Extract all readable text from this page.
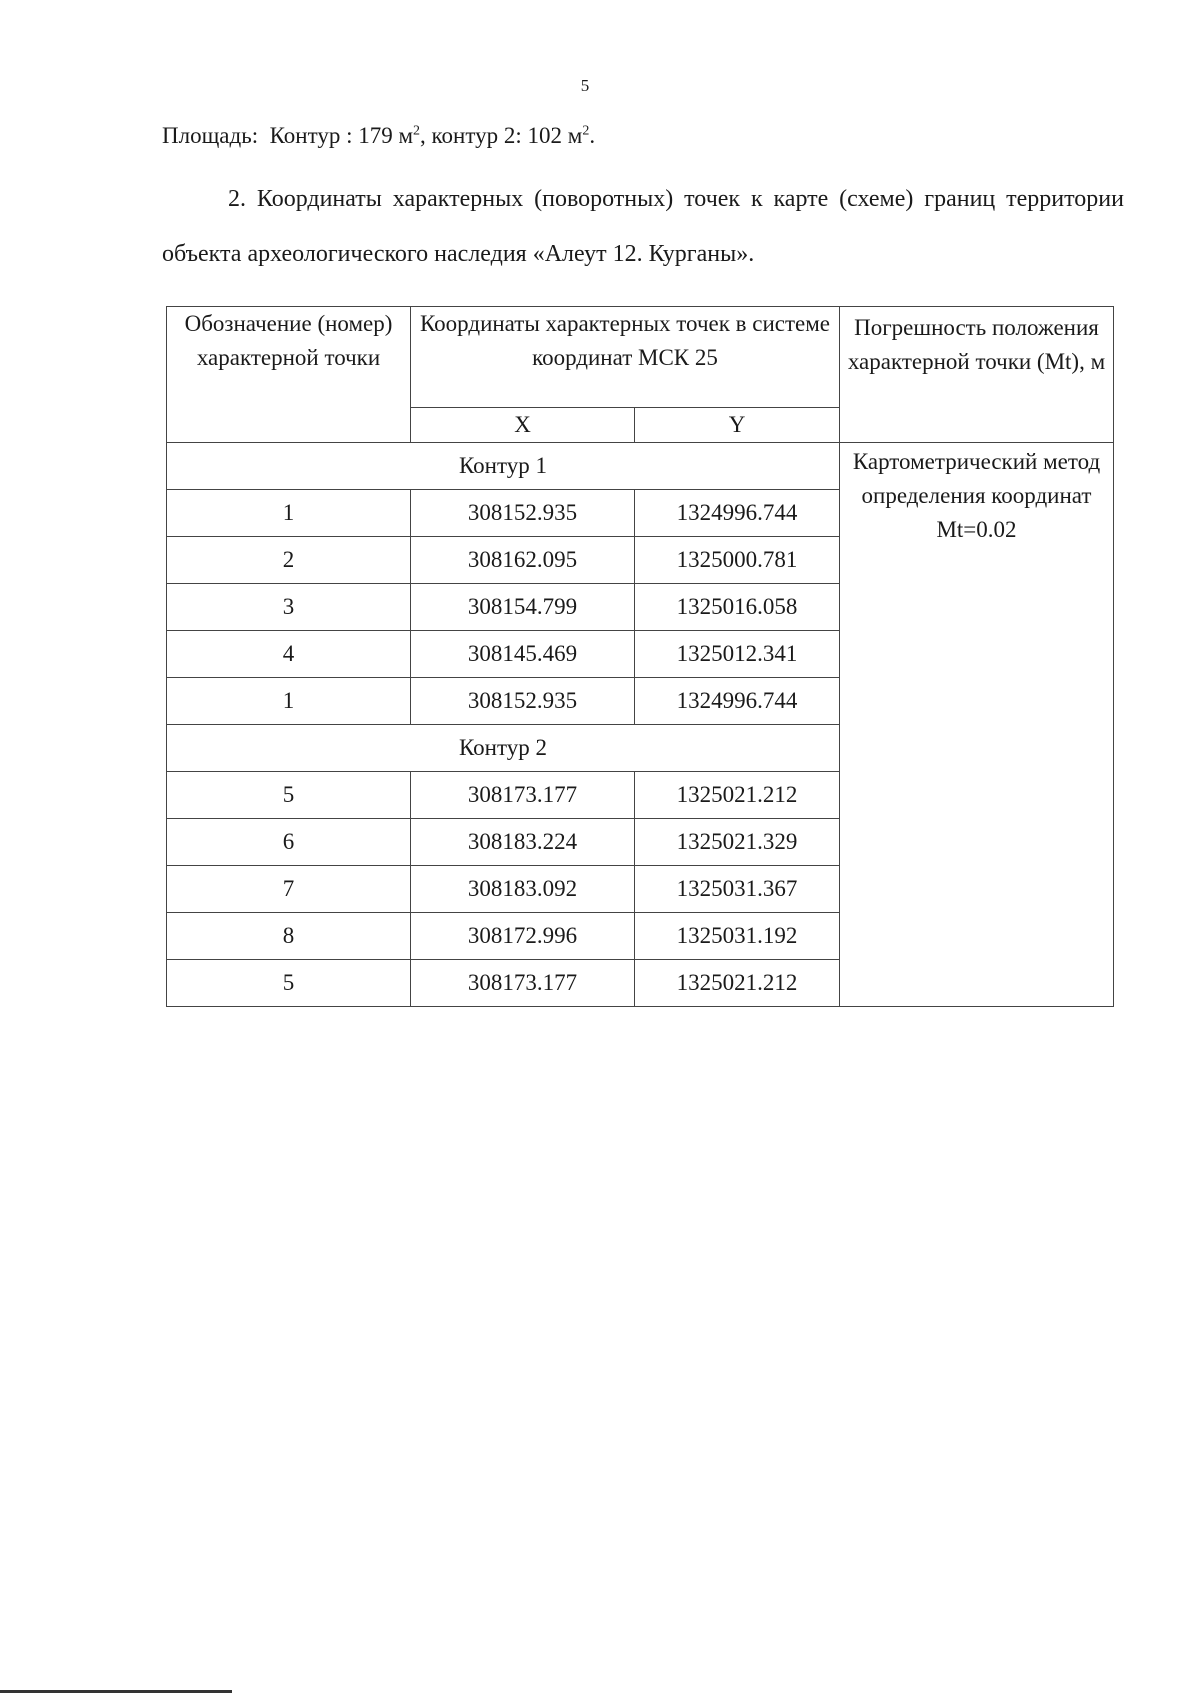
5
Площадь: Контур : 179 $м^2$, контур 2: 102 $м^2$.
2. Координаты характерных (поворотных) точек к карте (схеме) границ территории объекта археологического наследия «Алеут 12. Курганы».
Обозначение (номер) характерной точки	Координаты характерных точек в системе координат МСК 25		Погрешность положения характерной точки (Mt), м
	X	Y	
Контур 1			Картометрический метод определения координат Mt=0.02
1	308152.935	1324996.744	
2	308162.095	1325000.781	
3	308154.799	1325016.058	
4	308145.469	1325012.341	
1	308152.935	1324996.744	
Контур 2			
5	308173.177	1325021.212	
6	308183.224	1325021.329	
7	308183.092	1325031.367	
8	308172.996	1325031.192	
5	308173.177	1325021.212	
